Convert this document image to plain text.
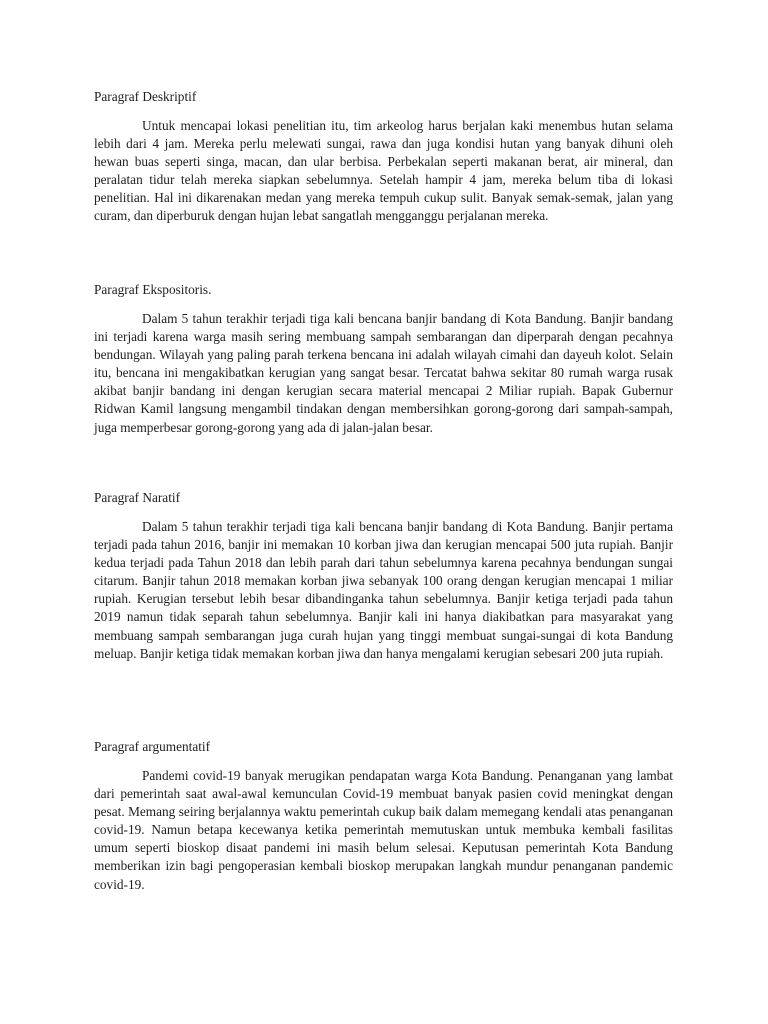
Paragraf Deskriptif

Untuk mencapai lokasi penelitian itu, tim arkeolog harus berjalan kaki menembus hutan selama lebih dari 4 jam. Mereka perlu melewati sungai, rawa dan juga kondisi hutan yang banyak dihuni oleh hewan buas seperti singa, macan, dan ular berbisa. Perbekalan seperti makanan berat, air mineral, dan peralatan tidur telah mereka siapkan sebelumnya. Setelah hampir 4 jam, mereka belum tiba di lokasi penelitian. Hal ini dikarenakan medan yang mereka tempuh cukup sulit. Banyak semak-semak, jalan yang curam, dan diperburuk dengan hujan lebat sangatlah mengganggu perjalanan mereka.

Paragraf Ekspositoris.

Dalam 5 tahun terakhir terjadi tiga kali bencana banjir bandang di Kota Bandung. Banjir bandang ini terjadi karena warga masih sering membuang sampah sembarangan dan diperparah dengan pecahnya bendungan. Wilayah yang paling parah terkena bencana ini adalah wilayah cimahi dan dayeuh kolot. Selain itu, bencana ini mengakibatkan kerugian yang sangat besar. Tercatat bahwa sekitar 80 rumah warga rusak akibat banjir bandang ini dengan kerugian secara material mencapai 2 Miliar rupiah. Bapak Gubernur Ridwan Kamil langsung mengambil tindakan dengan membersihkan gorong-gorong dari sampah-sampah, juga memperbesar gorong-gorong yang ada di jalan-jalan besar.

Paragraf Naratif

Dalam 5 tahun terakhir terjadi tiga kali bencana banjir bandang di Kota Bandung. Banjir pertama terjadi pada tahun 2016, banjir ini memakan 10 korban jiwa dan kerugian mencapai 500 juta rupiah. Banjir kedua terjadi pada Tahun 2018 dan lebih parah dari tahun sebelumnya karena pecahnya bendungan sungai citarum. Banjir tahun 2018 memakan korban jiwa sebanyak 100 orang dengan kerugian mencapai 1 miliar rupiah. Kerugian tersebut lebih besar dibandinganka tahun sebelumnya. Banjir ketiga terjadi pada tahun 2019 namun tidak separah tahun sebelumnya. Banjir kali ini hanya diakibatkan para masyarakat yang membuang sampah sembarangan juga curah hujan yang tinggi membuat sungai-sungai di kota Bandung meluap. Banjir ketiga tidak memakan korban jiwa dan hanya mengalami kerugian sebesari 200 juta rupiah.

Paragraf argumentatif

Pandemi covid-19 banyak merugikan pendapatan warga Kota Bandung. Penanganan yang lambat dari pemerintah saat awal-awal kemunculan Covid-19 membuat banyak pasien covid meningkat dengan pesat. Memang seiring berjalannya waktu pemerintah cukup baik dalam memegang kendali atas penanganan covid-19. Namun betapa kecewanya ketika pemerintah memutuskan untuk membuka kembali fasilitas umum seperti bioskop disaat pandemi ini masih belum selesai. Keputusan pemerintah Kota Bandung memberikan izin bagi pengoperasian kembali bioskop merupakan langkah mundur penanganan pandemic covid-19.
